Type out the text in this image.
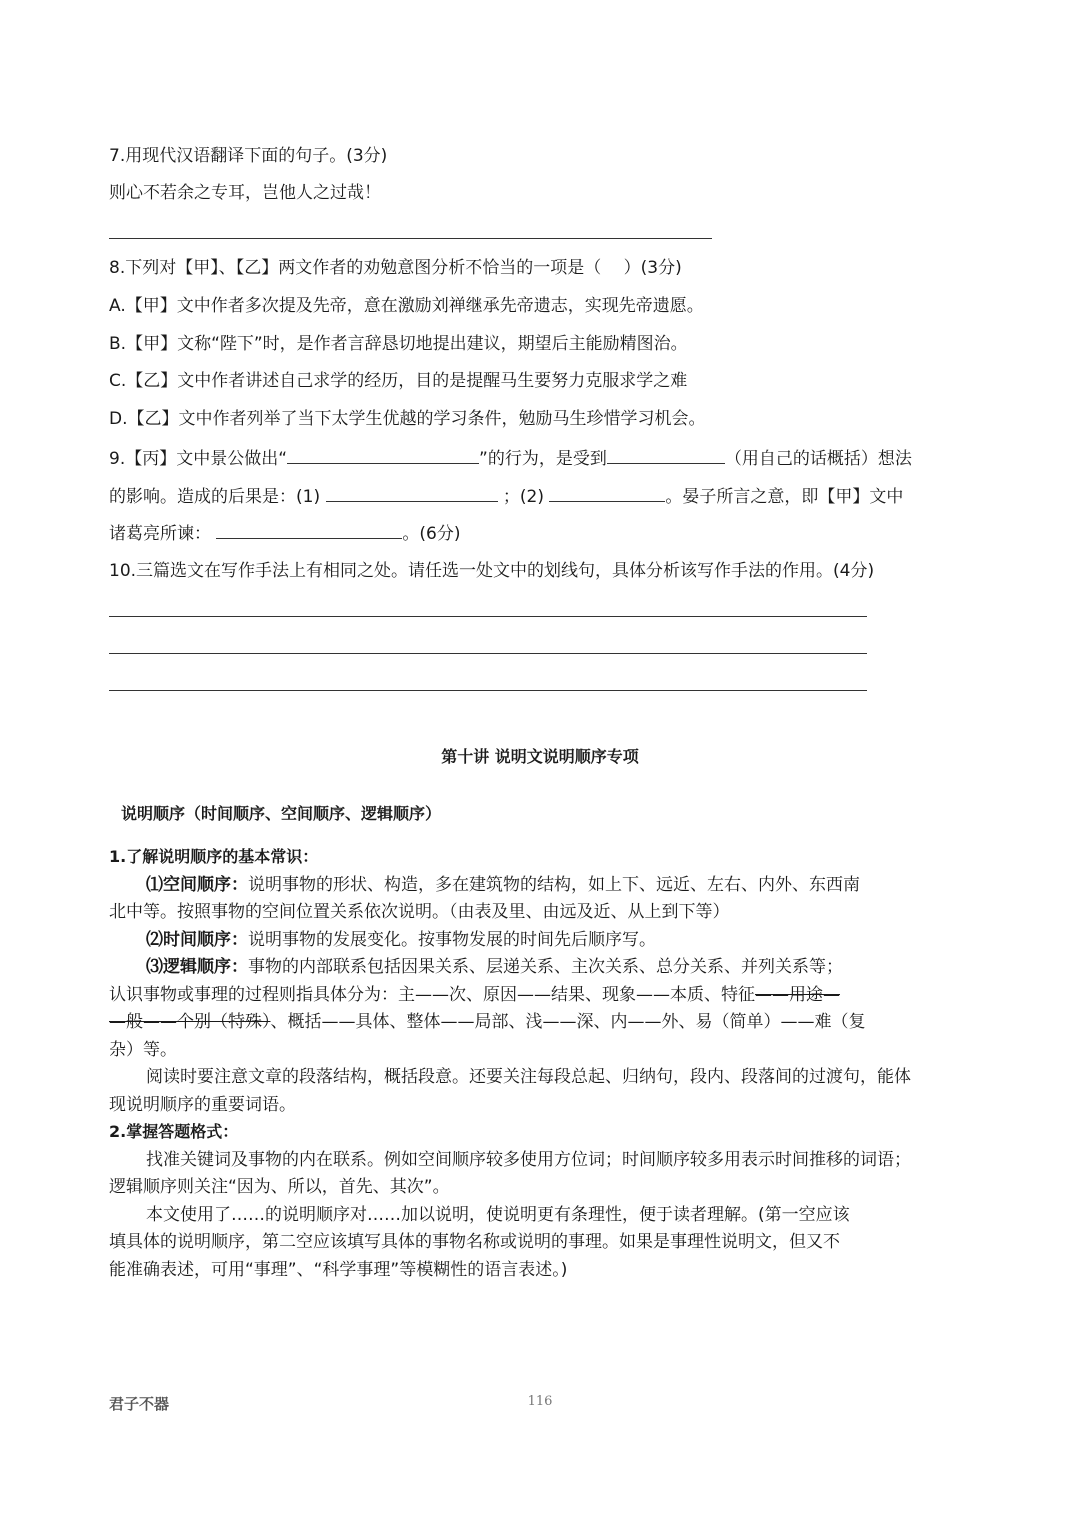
7.用现代汉语翻译下面的句子。(3分)
则心不若余之专耳，岂他人之过哉！
8.下列对【甲】、【乙】两文作者的劝勉意图分析不恰当的一项是（　 ）(3分)
A.【甲】文中作者多次提及先帝，意在激励刘禅继承先帝遗志，实现先帝遗愿。
B.【甲】文称“陛下”时，是作者言辞恳切地提出建议，期望后主能励精图治。
C.【乙】文中作者讲述自己求学的经历，目的是提醒马生要努力克服求学之难
D.【乙】文中作者列举了当下太学生优越的学习条件，勉励马生珍惜学习机会。
9.【丙】文中景公做出“	”的行为，是受到	（用自己的话概括）想法
的影响。造成的后果是：(1)	；(2)	。晏子所言之意，即【甲】文中
诸葛亮所谏：	。(6分)
10.三篇选文在写作手法上有相同之处。请任选一处文中的划线句，具体分析该写作手法的作用。(4分)
第十讲 说明文说明顺序专项
说明顺序（时间顺序、空间顺序、逻辑顺序）
1.了解说明顺序的基本常识：
⑴空间顺序：说明事物的形状、构造，多在建筑物的结构，如上下、远近、左右、内外、东西南
北中等。按照事物的空间位置关系依次说明。（由表及里、由远及近、从上到下等）
⑵时间顺序：说明事物的发展变化。按事物发展的时间先后顺序写。
⑶逻辑顺序：事物的内部联系包括因果关系、层递关系、主次关系、总分关系、并列关系等；
认识事物或事理的过程则指具体分为：主——次、原因——结果、现象——本质、特征——用途—
—般——个别（特殊）、概括——具体、整体——局部、浅——深、内——外、易（简单）——难（复
杂）等。
阅读时要注意文章的段落结构，概括段意。还要关注每段总起、归纳句，段内、段落间的过渡句，能体
现说明顺序的重要词语。
2.掌握答题格式：
找准关键词及事物的内在联系。例如空间顺序较多使用方位词；时间顺序较多用表示时间推移的词语；
逻辑顺序则关注“因为、所以，首先、其次”。
本文使用了……的说明顺序对……加以说明，使说明更有条理性，便于读者理解。(第一空应该
填具体的说明顺序，第二空应该填写具体的事物名称或说明的事理。如果是事理性说明文，但又不
能准确表述，可用“事理”、“科学事理”等模糊性的语言表述。)
君子不器	116
